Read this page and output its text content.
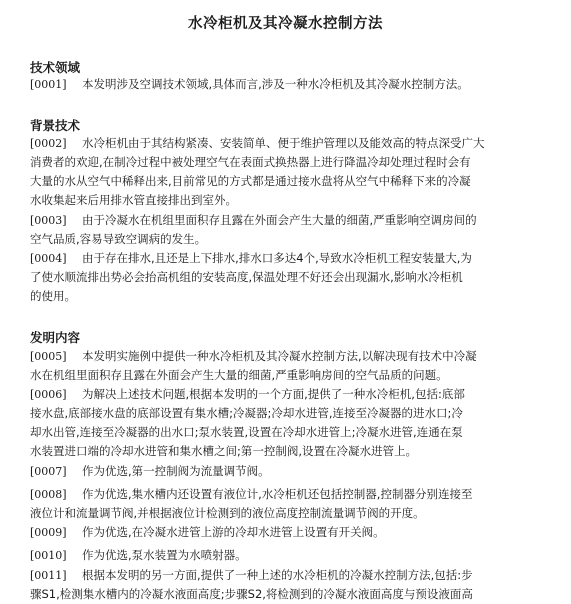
水冷柜机及其冷凝水控制方法
技术领域
[0001] 本发明涉及空调技术领域,具体而言,涉及一种水冷柜机及其冷凝水控制方法。
背景技术
[0002] 水冷柜机由于其结构紧凑、安装简单、便于维护管理以及能效高的特点深受广大
消费者的欢迎,在制冷过程中被处理空气在表面式换热器上进行降温冷却处理过程时会有
大量的水从空气中稀释出来,目前常见的方式都是通过接水盘将从空气中稀释下来的冷凝
水收集起来后用排水管直接排出到室外。
[0003] 由于冷凝水在机组里面积存且露在外面会产生大量的细菌,严重影响空调房间的
空气品质,容易导致空调病的发生。
[0004] 由于存在排水,且还是上下排水,排水口多达4个,导致水冷柜机工程安装量大,为
了使水顺流排出势必会抬高机组的安装高度,保温处理不好还会出现漏水,影响水冷柜机
的使用。
发明内容
[0005] 本发明实施例中提供一种水冷柜机及其冷凝水控制方法,以解决现有技术中冷凝
水在机组里面积存且露在外面会产生大量的细菌,严重影响房间的空气品质的问题。
[0006] 为解决上述技术问题,根据本发明的一个方面,提供了一种水冷柜机,包括:底部
接水盘,底部接水盘的底部设置有集水槽;冷凝器;冷却水进管,连接至冷凝器的进水口;冷
却水出管,连接至冷凝器的出水口;泵水装置,设置在冷却水进管上;冷凝水进管,连通在泵
水装置进口端的冷却水进管和集水槽之间;第一控制阀,设置在冷凝水进管上。
[0007] 作为优选,第一控制阀为流量调节阀。
[0008] 作为优选,集水槽内还设置有液位计,水冷柜机还包括控制器,控制器分别连接至
液位计和流量调节阀,并根据液位计检测到的液位高度控制流量调节阀的开度。
[0009] 作为优选,在冷凝水进管上游的冷却水进管上设置有开关阀。
[0010] 作为优选,泵水装置为水喷射器。
[0011] 根据本发明的另一方面,提供了一种上述的水冷柜机的冷凝水控制方法,包括:步
骤S1,检测集水槽内的冷凝水液面高度;步骤S2,将检测到的冷凝水液面高度与预设液面高
